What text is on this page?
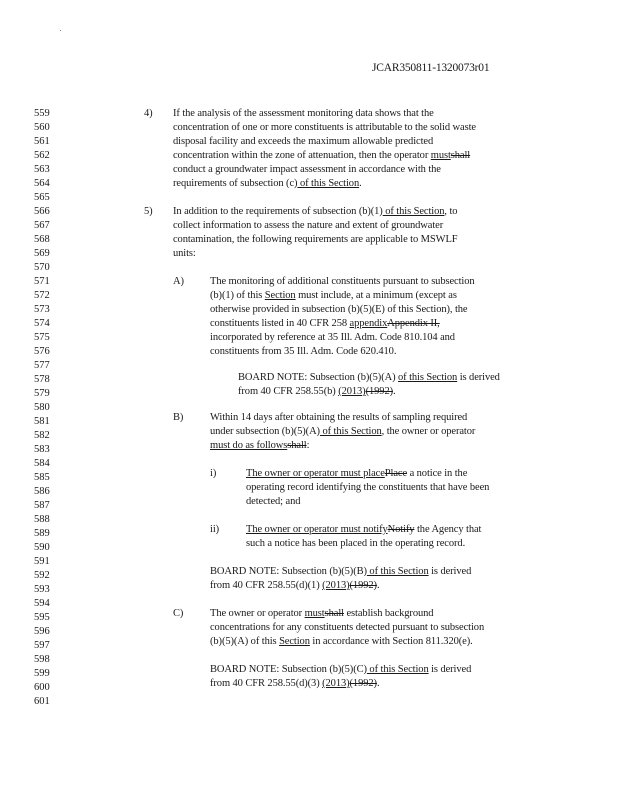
JCAR350811-1320073r01
559
560
561
562
563
564
565
566
567
568
569
570
571
572
573
574
575
576
577
578
579
580
581
582
583
584
585
586
587
588
589
590
591
592
593
594
595
596
597
598
599
600
601
4) If the analysis of the assessment monitoring data shows that the
concentration of one or more constituents is attributable to the solid waste
disposal facility and exceeds the maximum allowable predicted
concentration within the zone of attenuation, then the operator mustshall
conduct a groundwater impact assessment in accordance with the
requirements of subsection (c) of this Section.
5) In addition to the requirements of subsection (b)(1) of this Section, to
collect information to assess the nature and extent of groundwater
contamination, the following requirements are applicable to MSWLF
units:
A) The monitoring of additional constituents pursuant to subsection
(b)(1) of this Section must include, at a minimum (except as
otherwise provided in subsection (b)(5)(E) of this Section), the
constituents listed in 40 CFR 258 appendixAppendix II,
incorporated by reference at 35 Ill. Adm. Code 810.104 and
constituents from 35 Ill. Adm. Code 620.410.
BOARD NOTE: Subsection (b)(5)(A) of this Section is derived
from 40 CFR 258.55(b) (2013)(1992).
B)	Within 14 days after obtaining the results of sampling required
under subsection (b)(5)(A) of this Section, the owner or operator
must do as followsshall:
i)	The owner or operator must placePlace a notice in the
operating record identifying the constituents that have been
detected; and
ii)	The owner or operator must notifyNotify the Agency that
such a notice has been placed in the operating record.
BOARD NOTE: Subsection (b)(5)(B) of this Section is derived
from 40 CFR 258.55(d)(1) (2013)(1992).
C)	The owner or operator mustshall establish background
concentrations for any constituents detected pursuant to subsection
(b)(5)(A) of this Section in accordance with Section 811.320(e).
BOARD NOTE: Subsection (b)(5)(C) of this Section is derived
from 40 CFR 258.55(d)(3) (2013)(1992).
